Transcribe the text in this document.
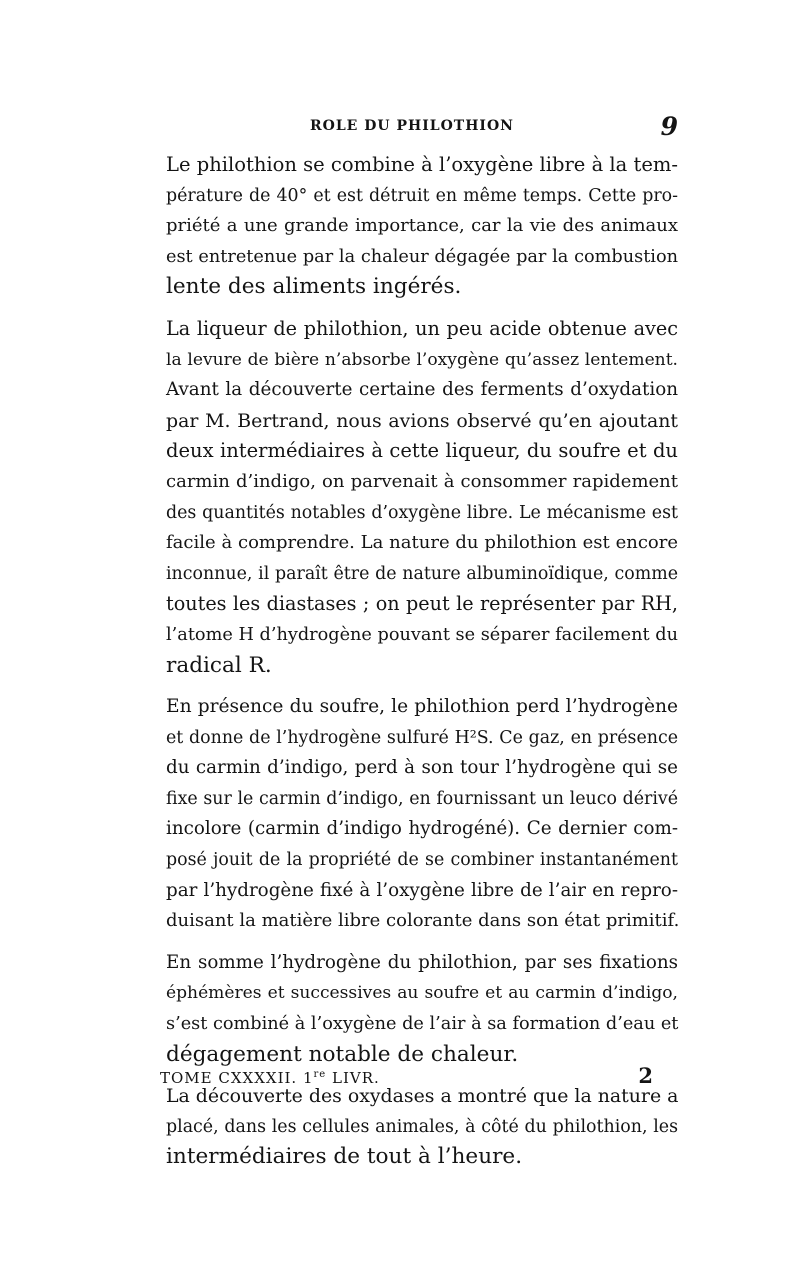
ROLE DU PHILOTHION	9
Le philothion se combine à l’oxygène libre à la tem-
pérature de 40° et est détruit en même temps. Cette pro-
priété a une grande importance, car la vie des animaux
est entretenue par la chaleur dégagée par la combustion
lente des aliments ingérés.
La liqueur de philothion, un peu acide obtenue avec
la levure de bière n’absorbe l’oxygène qu’assez lentement.
Avant la découverte certaine des ferments d’oxydation
par M. Bertrand, nous avions observé qu’en ajoutant
deux intermédiaires à cette liqueur, du soufre et du
carmin d’indigo, on parvenait à consommer rapidement
des quantités notables d’oxygène libre. Le mécanisme est
facile à comprendre. La nature du philothion est encore
inconnue, il paraît être de nature albuminoïdique, comme
toutes les diastases ; on peut le représenter par RH,
l’atome H d’hydrogène pouvant se séparer facilement du
radical R.
En présence du soufre, le philothion perd l’hydrogène
et donne de l’hydrogène sulfuré H²S. Ce gaz, en présence
du carmin d’indigo, perd à son tour l’hydrogène qui se
fixe sur le carmin d’indigo, en fournissant un leuco dérivé
incolore (carmin d’indigo hydrogéné). Ce dernier com-
posé jouit de la propriété de se combiner instantanément
par l’hydrogène fixé à l’oxygène libre de l’air en repro-
duisant la matière libre colorante dans son état primitif.
En somme l’hydrogène du philothion, par ses fixations
éphémères et successives au soufre et au carmin d’indigo,
s’est combiné à l’oxygène de l’air à sa formation d’eau et
dégagement notable de chaleur.
La découverte des oxydases a montré que la nature a
placé, dans les cellules animales, à côté du philothion, les
intermédiaires de tout à l’heure.
TOME CXXXXII. 1re LIVR.	2
